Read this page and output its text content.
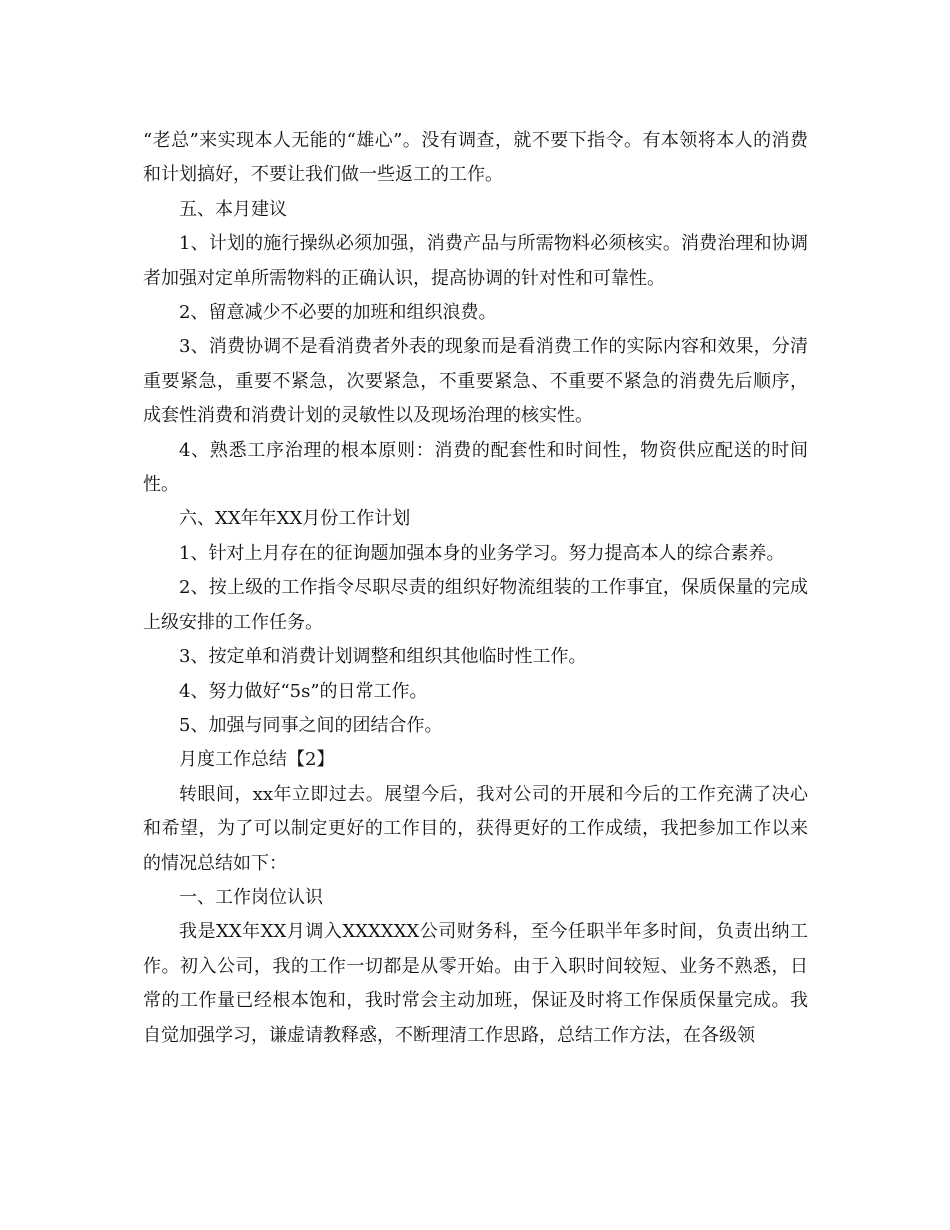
“老总”来实现本人无能的“雄心”。没有调查，就不要下指令。有本领将本人的消费和计划搞好，不要让我们做一些返工的工作。

五、本月建议

1、计划的施行操纵必须加强，消费产品与所需物料必须核实。消费治理和协调者加强对定单所需物料的正确认识，提高协调的针对性和可靠性。

2、留意减少不必要的加班和组织浪费。

3、消费协调不是看消费者外表的现象而是看消费工作的实际内容和效果，分清重要紧急，重要不紧急，次要紧急，不重要紧急、不重要不紧急的消费先后顺序，成套性消费和消费计划的灵敏性以及现场治理的核实性。

4、熟悉工序治理的根本原则：消费的配套性和时间性，物资供应配送的时间性。

六、XX年年XX月份工作计划

1、针对上月存在的征询题加强本身的业务学习。努力提高本人的综合素养。

2、按上级的工作指令尽职尽责的组织好物流组装的工作事宜，保质保量的完成上级安排的工作任务。

3、按定单和消费计划调整和组织其他临时性工作。

4、努力做好“5s”的日常工作。

5、加强与同事之间的团结合作。

月度工作总结【2】

转眼间，xx年立即过去。展望今后，我对公司的开展和今后的工作充满了决心和希望，为了可以制定更好的工作目的，获得更好的工作成绩，我把参加工作以来的情况总结如下：

一、工作岗位认识

我是XX年XX月调入XXXXXX公司财务科，至今任职半年多时间，负责出纳工作。初入公司，我的工作一切都是从零开始。由于入职时间较短、业务不熟悉，日常的工作量已经根本饱和，我时常会主动加班，保证及时将工作保质保量完成。我自觉加强学习，谦虚请教释惑，不断理清工作思路，总结工作方法，在各级领
